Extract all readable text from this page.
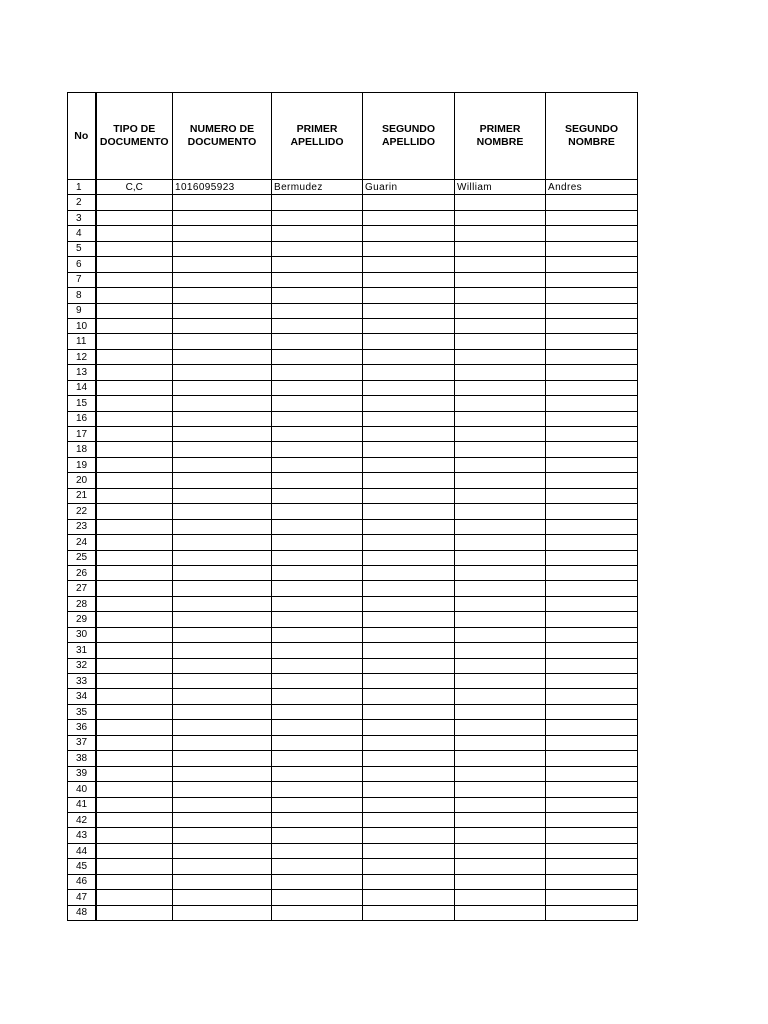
No	TIPO DE DOCUMENTO	NUMERO DE DOCUMENTO	PRIMER APELLIDO	SEGUNDO APELLIDO	PRIMER NOMBRE	SEGUNDO NOMBRE
1	C,C	1016095923	Bermudez	Guarin	William	Andres
2						
3						
4						
5						
6						
7						
8						
9						
10						
11						
12						
13						
14						
15						
16						
17						
18						
19						
20						
21						
22						
23						
24						
25						
26						
27						
28						
29						
30						
31						
32						
33						
34						
35						
36						
37						
38						
39						
40						
41						
42						
43						
44						
45						
46						
47						
48						
